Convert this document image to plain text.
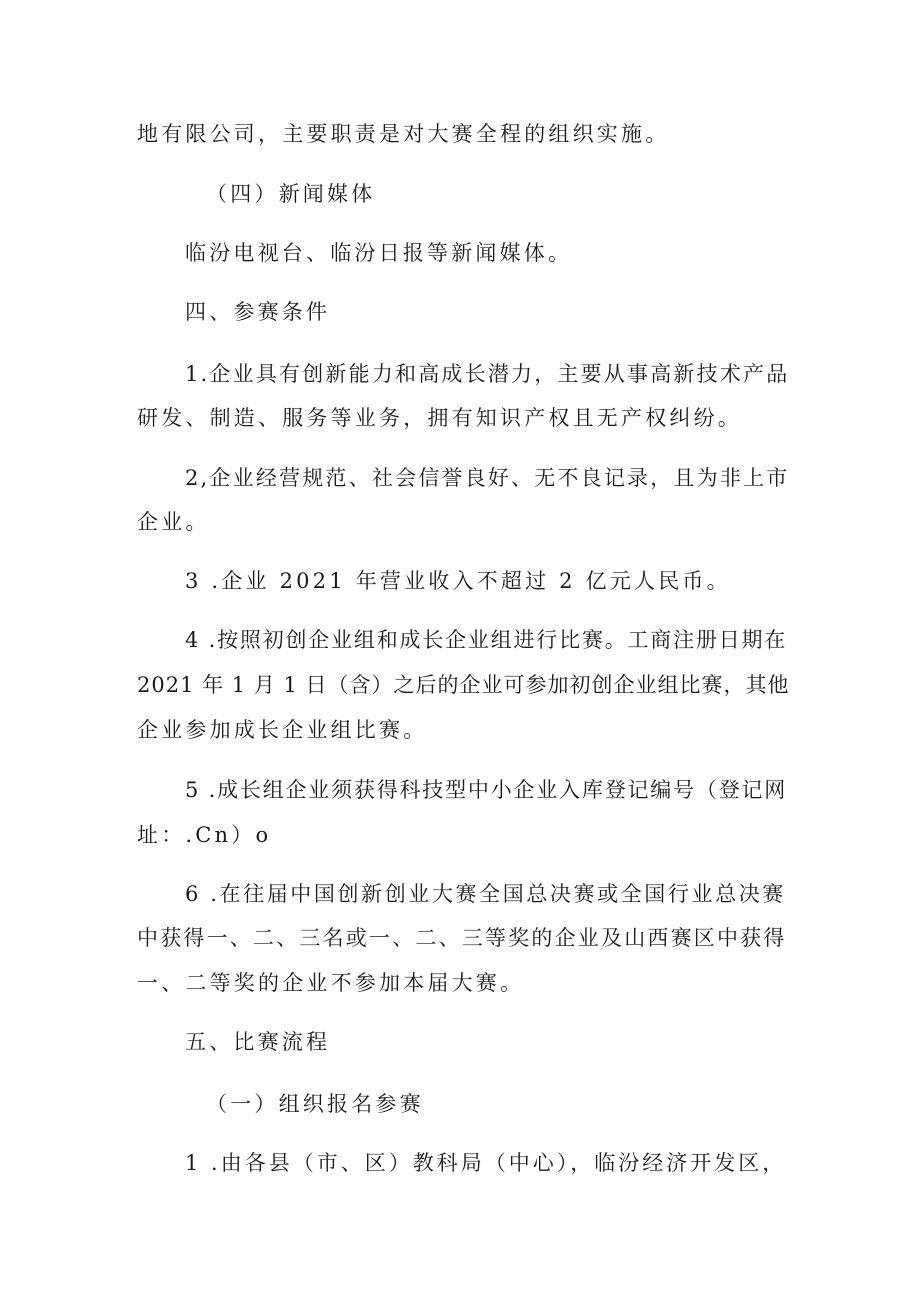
地有限公司，主要职责是对大赛全程的组织实施。
（四）新闻媒体
临汾电视台、临汾日报等新闻媒体。
四、参赛条件
1.企业具有创新能力和高成长潜力，主要从事高新技术产品
研发、制造、服务等业务，拥有知识产权且无产权纠纷。
2,企业经营规范、社会信誉良好、无不良记录，且为非上市
企业。
3 .企业 2021 年营业收入不超过 2 亿元人民币。
4 .按照初创企业组和成长企业组进行比赛。工商注册日期在
2021 年 1 月 1 日（含）之后的企业可参加初创企业组比赛，其他
企业参加成长企业组比赛。
5 .成长组企业须获得科技型中小企业入库登记编号（登记网
址：.Cn）o
6 .在往届中国创新创业大赛全国总决赛或全国行业总决赛
中获得一、二、三名或一、二、三等奖的企业及山西赛区中获得
一、二等奖的企业不参加本届大赛。
五、比赛流程
（一）组织报名参赛
1 .由各县（市、区）教科局（中心），临汾经济开发区，
